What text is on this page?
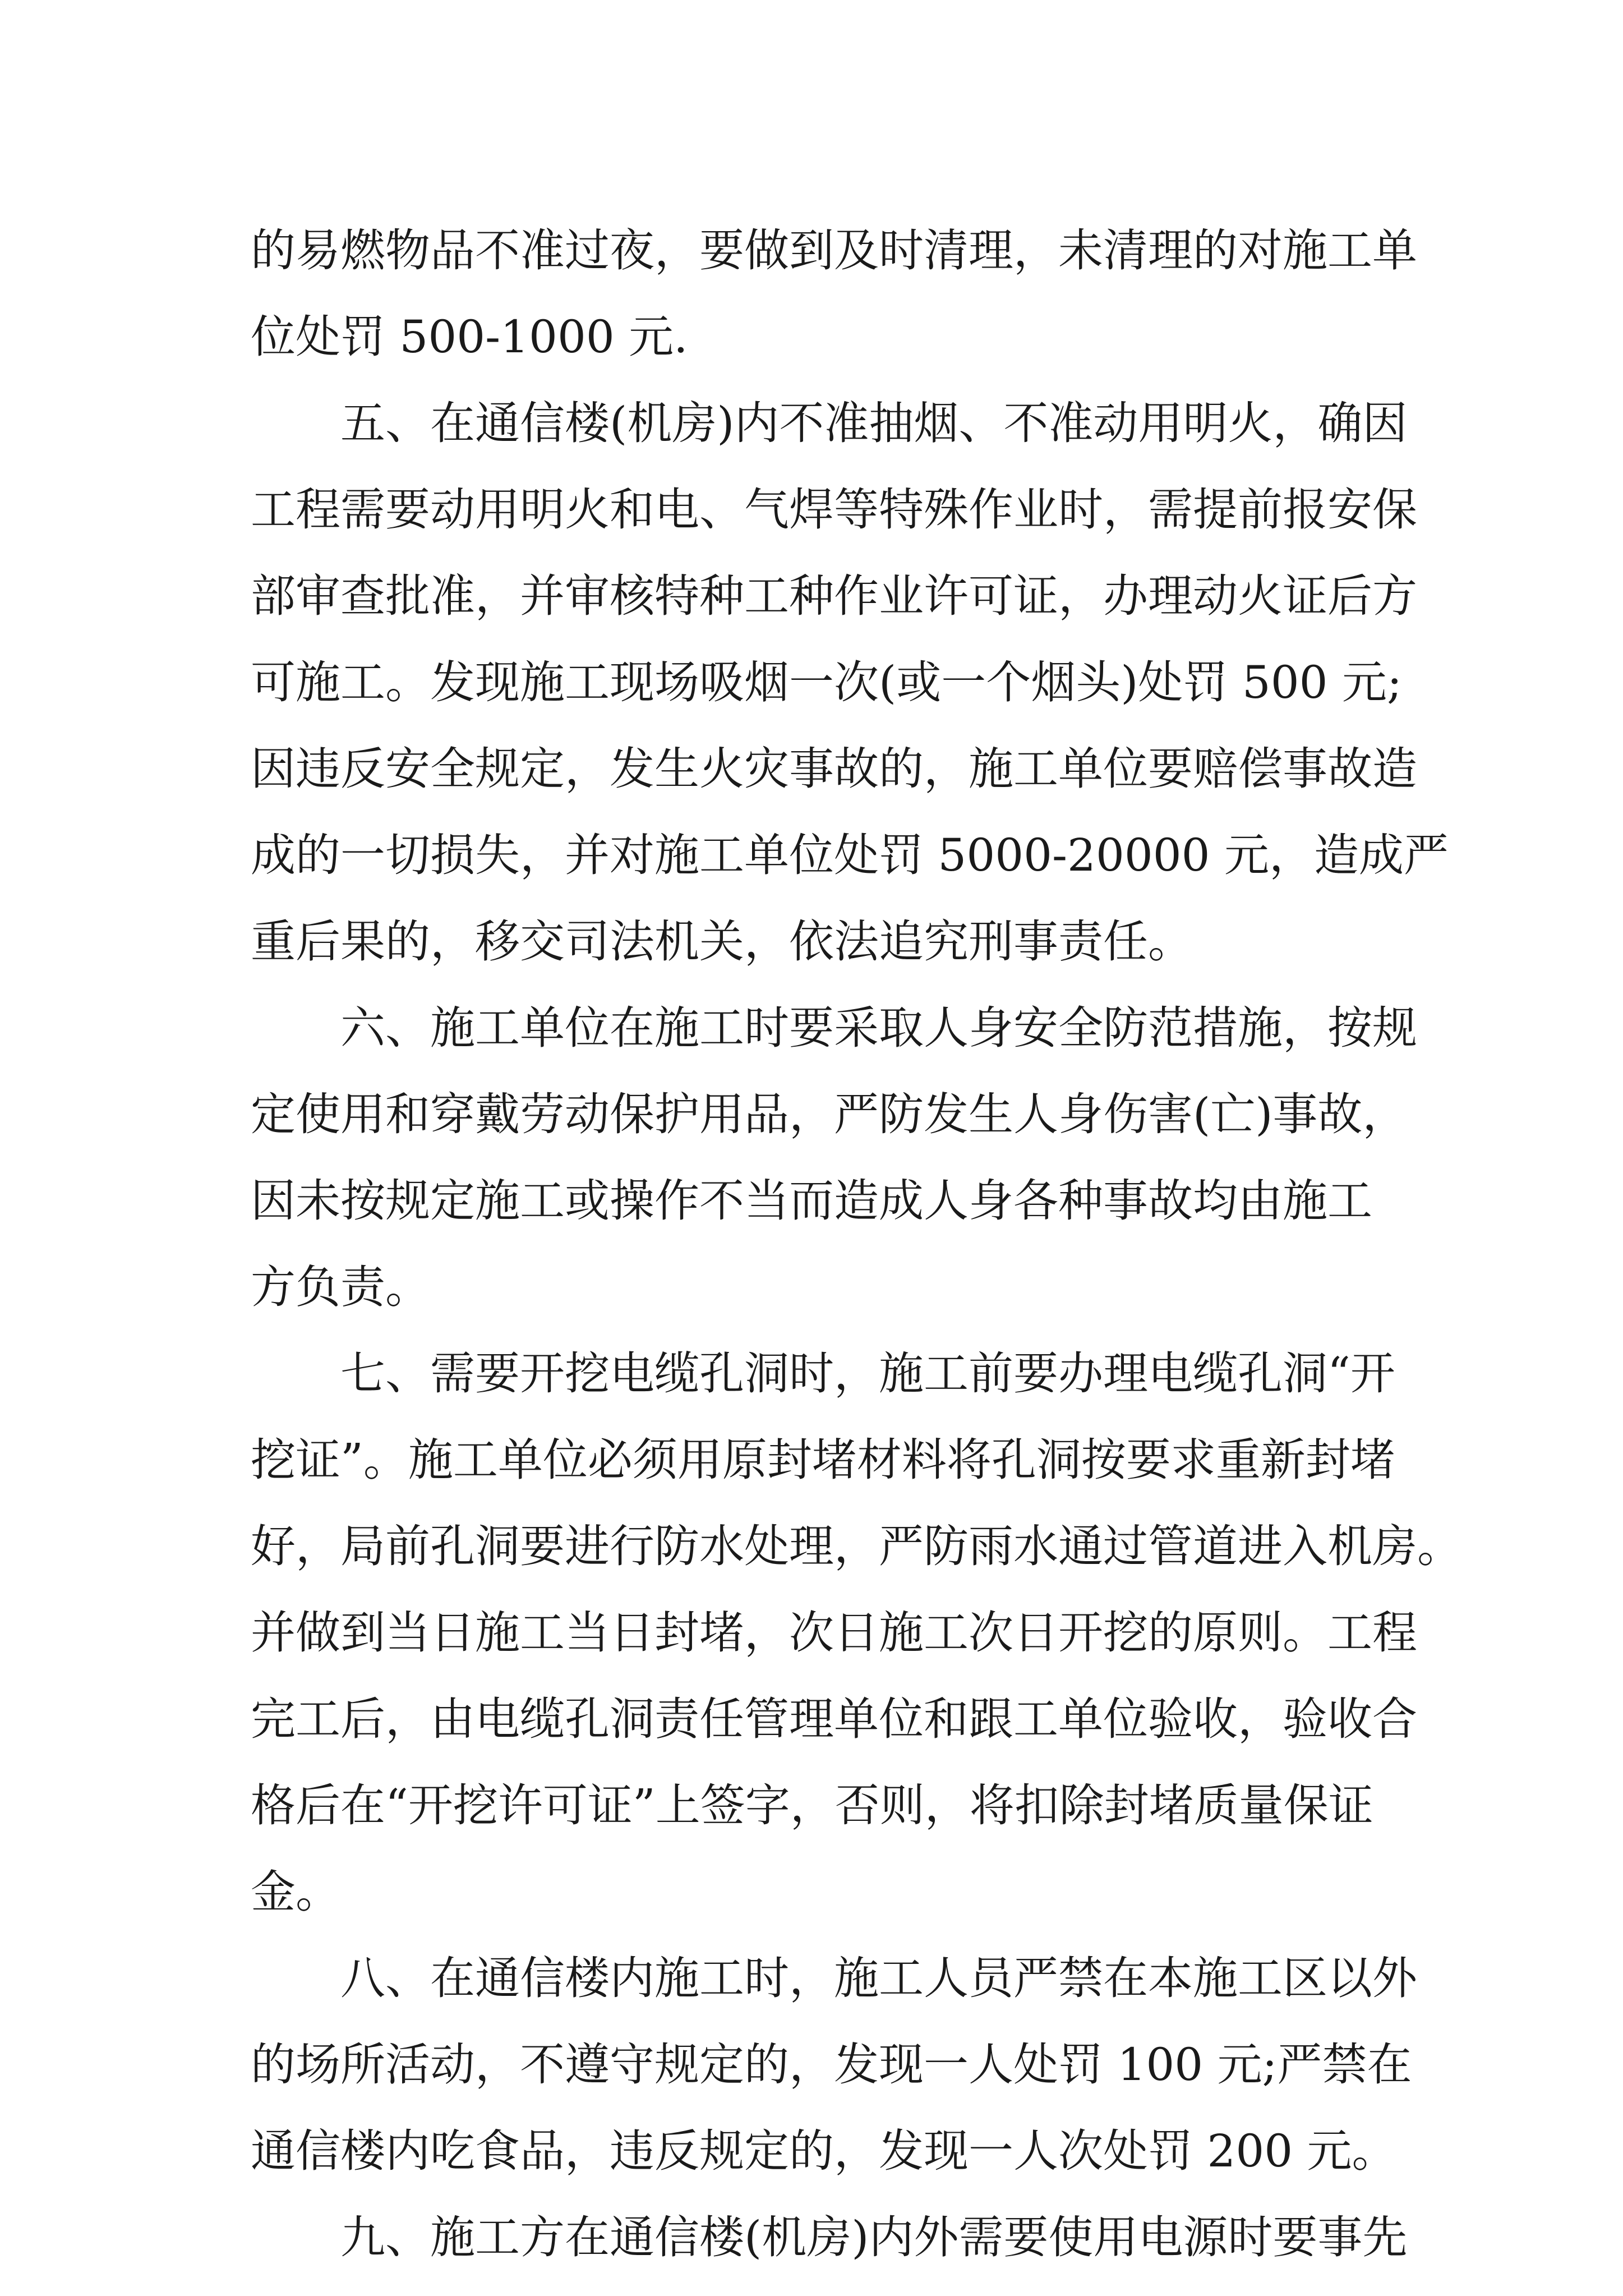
的易燃物品不准过夜，要做到及时清理，未清理的对施工单
位处罚 500-1000 元.
五、在通信楼(机房)内不准抽烟、不准动用明火，确因
工程需要动用明火和电、气焊等特殊作业时，需提前报安保
部审查批准，并审核特种工种作业许可证，办理动火证后方
可施工。发现施工现场吸烟一次(或一个烟头)处罚 500 元;
因违反安全规定，发生火灾事故的，施工单位要赔偿事故造
成的一切损失，并对施工单位处罚 5000-20000 元，造成严
重后果的，移交司法机关，依法追究刑事责任。
六、施工单位在施工时要采取人身安全防范措施，按规
定使用和穿戴劳动保护用品，严防发生人身伤害(亡)事故，
因未按规定施工或操作不当而造成人身各种事故均由施工
方负责。
七、需要开挖电缆孔洞时，施工前要办理电缆孔洞“开
挖证”。施工单位必须用原封堵材料将孔洞按要求重新封堵
好，局前孔洞要进行防水处理，严防雨水通过管道进入机房。
并做到当日施工当日封堵，次日施工次日开挖的原则。工程
完工后，由电缆孔洞责任管理单位和跟工单位验收，验收合
格后在“开挖许可证”上签字，否则，将扣除封堵质量保证
金。
八、在通信楼内施工时，施工人员严禁在本施工区以外
的场所活动，不遵守规定的，发现一人处罚 100 元;严禁在
通信楼内吃食品，违反规定的，发现一人次处罚 200 元。
九、施工方在通信楼(机房)内外需要使用电源时要事先
